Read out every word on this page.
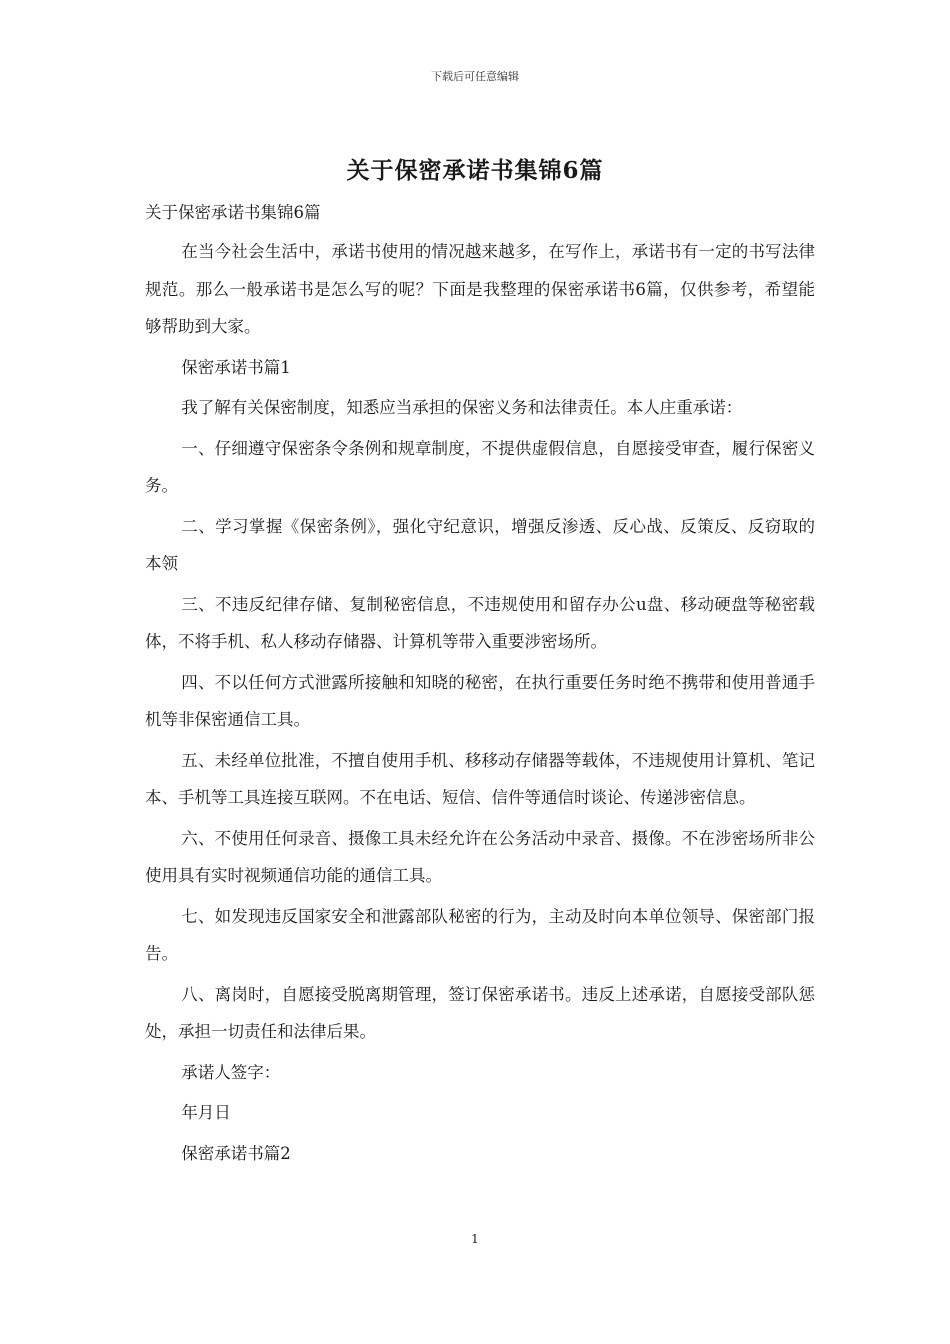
下载后可任意编辑
关于保密承诺书集锦6篇

关于保密承诺书集锦6篇

在当今社会生活中，承诺书使用的情况越来越多，在写作上，承诺书有一定的书写法律规范。那么一般承诺书是怎么写的呢？下面是我整理的保密承诺书6篇，仅供参考，希望能够帮助到大家。

保密承诺书篇1

我了解有关保密制度，知悉应当承担的保密义务和法律责任。本人庄重承诺：

一、仔细遵守保密条令条例和规章制度，不提供虚假信息，自愿接受审查，履行保密义务。

二、学习掌握《保密条例》，强化守纪意识，增强反渗透、反心战、反策反、反窃取的本领

三、不违反纪律存储、复制秘密信息，不违规使用和留存办公u盘、移动硬盘等秘密载体，不将手机、私人移动存储器、计算机等带入重要涉密场所。

四、不以任何方式泄露所接触和知晓的秘密，在执行重要任务时绝不携带和使用普通手机等非保密通信工具。

五、未经单位批准，不擅自使用手机、移移动存储器等载体，不违规使用计算机、笔记本、手机等工具连接互联网。不在电话、短信、信件等通信时谈论、传递涉密信息。

六、不使用任何录音、摄像工具未经允许在公务活动中录音、摄像。不在涉密场所非公使用具有实时视频通信功能的通信工具。

七、如发现违反国家安全和泄露部队秘密的行为，主动及时向本单位领导、保密部门报告。

八、离岗时，自愿接受脱离期管理，签订保密承诺书。违反上述承诺，自愿接受部队惩处，承担一切责任和法律后果。

承诺人签字：

年月日

保密承诺书篇2

1
